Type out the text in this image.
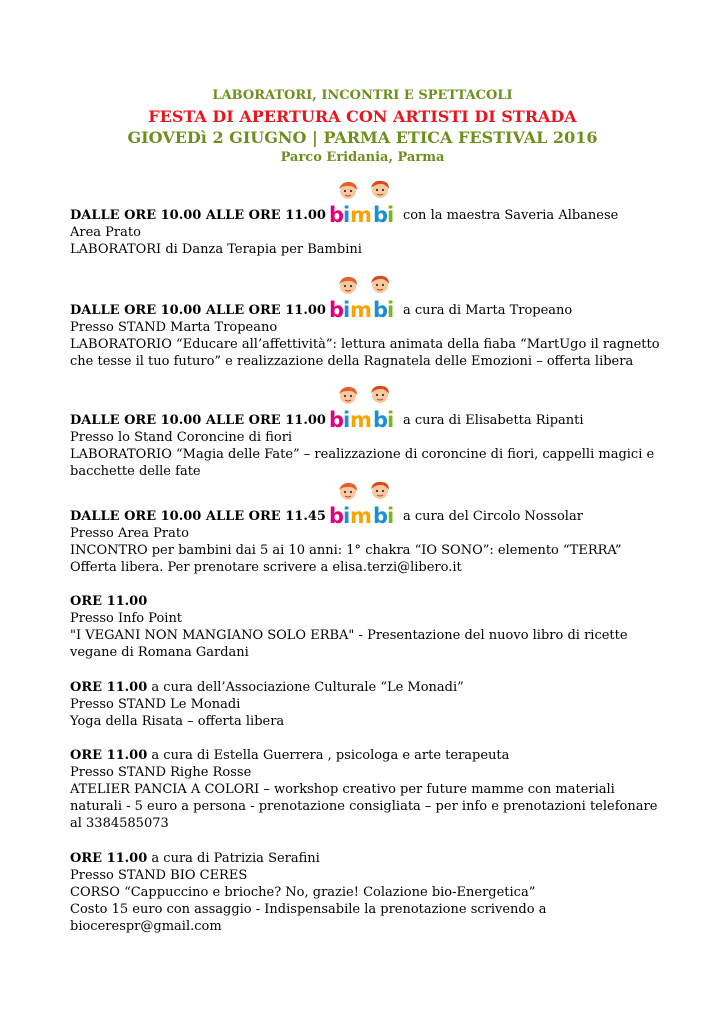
LABORATORI, INCONTRI E SPETTACOLI
FESTA DI APERTURA CON ARTISTI DI STRADA
GIOVEDì 2 GIUGNO | PARMA ETICA FESTIVAL 2016
Parco Eridania, Parma
DALLE ORE 10.00 ALLE ORE 11.00	con la maestra Saveria Albanese
Area Prato
LABORATORI di Danza Terapia per Bambini
DALLE ORE 10.00 ALLE ORE 11.00	a cura di Marta Tropeano
Presso STAND Marta Tropeano
LABORATORIO “Educare all’affettività”: lettura animata della fiaba “MartUgo il ragnetto che tesse il tuo futuro” e realizzazione della Ragnatela delle Emozioni – offerta libera
DALLE ORE 10.00 ALLE ORE 11.00	a cura di Elisabetta Ripanti
Presso lo Stand Coroncine di fiori
LABORATORIO “Magia delle Fate” – realizzazione di coroncine di fiori, cappelli magici e bacchette delle fate
DALLE ORE 10.00 ALLE ORE 11.45	a cura del Circolo Nossolar
Presso Area Prato
INCONTRO per bambini dai 5 ai 10 anni: 1° chakra “IO SONO”: elemento “TERRA”
Offerta libera. Per prenotare scrivere a elisa.terzi@libero.it
ORE 11.00
Presso Info Point
"I VEGANI NON MANGIANO SOLO ERBA" - Presentazione del nuovo libro di ricette vegane di Romana Gardani
ORE 11.00 a cura dell’Associazione Culturale “Le Monadi”
Presso STAND Le Monadi
Yoga della Risata – offerta libera
ORE 11.00 a cura di Estella Guerrera , psicologa e arte terapeuta
Presso STAND Righe Rosse
ATELIER PANCIA A COLORI – workshop creativo per future mamme con materiali naturali - 5 euro a persona - prenotazione consigliata – per info e prenotazioni telefonare al 3384585073
ORE 11.00 a cura di Patrizia Serafini
Presso STAND BIO CERES
CORSO “Cappuccino e brioche? No, grazie! Colazione bio-Energetica”
Costo 15 euro con assaggio - Indispensabile la prenotazione scrivendo a biocerespr@gmail.com
